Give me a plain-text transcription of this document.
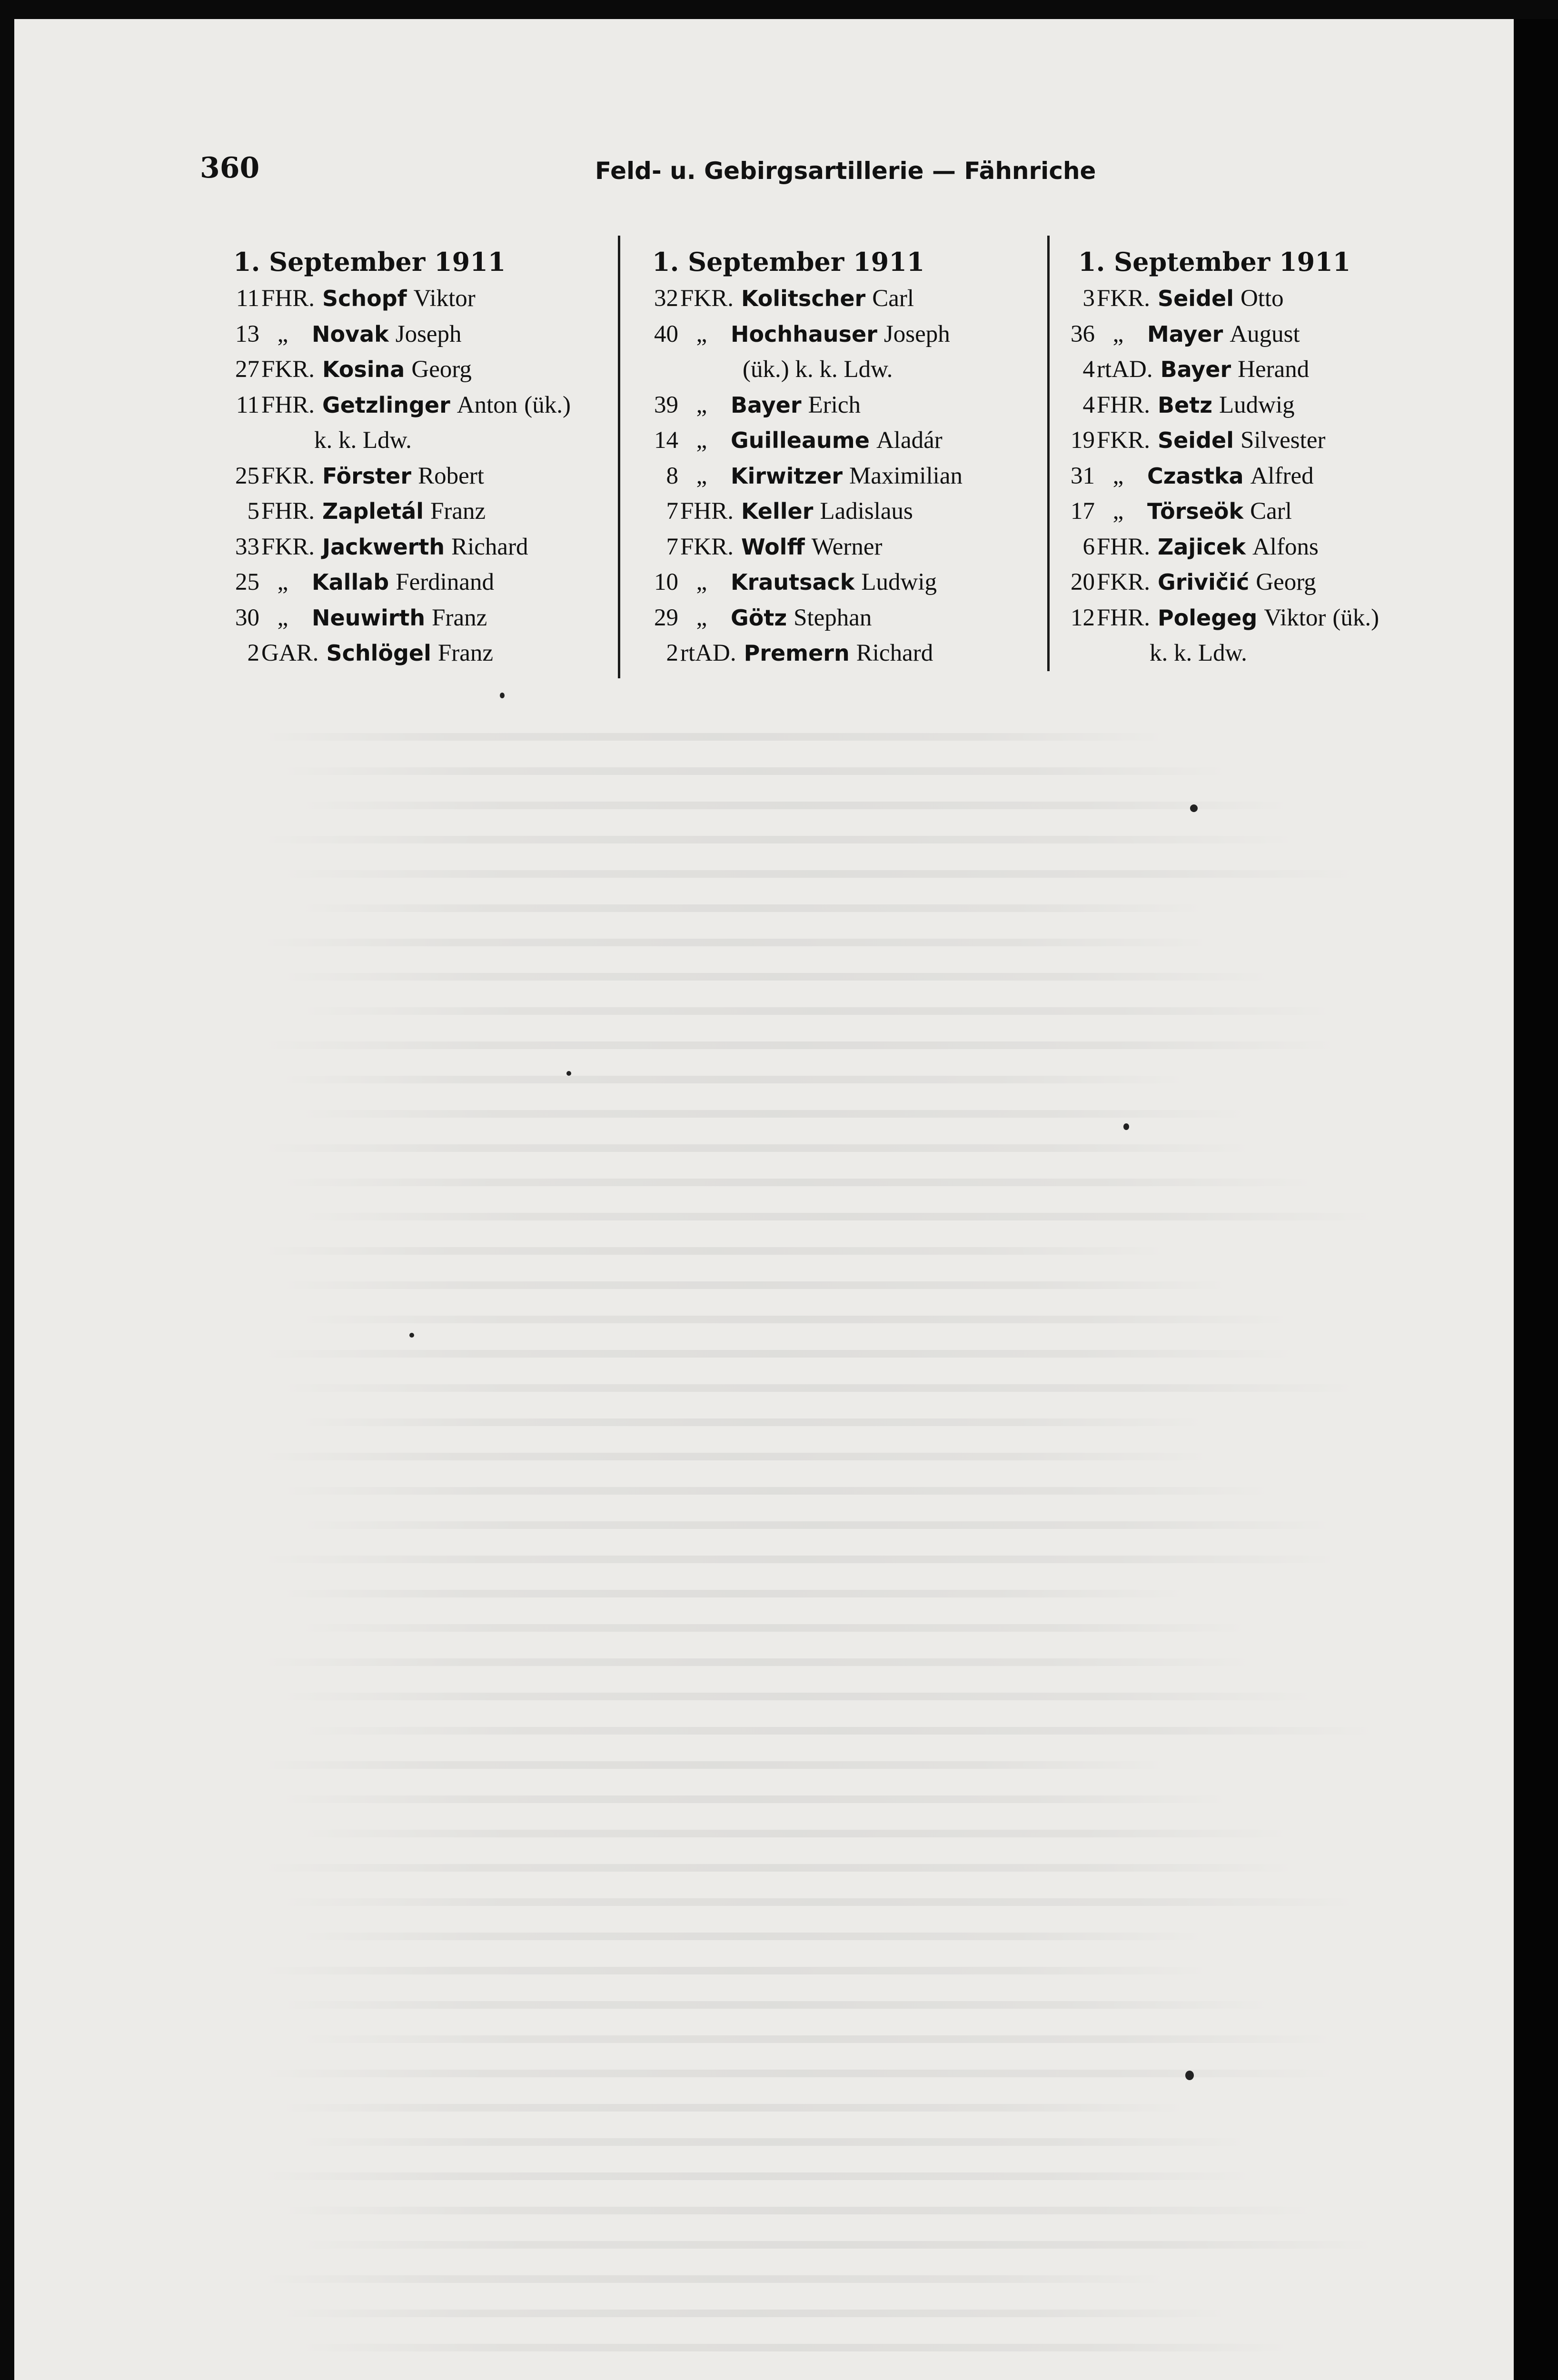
360	Feld- u. Gebirgsartillerie — Fähnriche
1. September 1911
11FHR. Schopf Viktor
13 „ Novak Joseph
27FKR. Kosina Georg
11FHR. Getzlinger Anton (ük.)
k. k. Ldw.
25FKR. Förster Robert
5FHR. Zapletál Franz
33FKR. Jackwerth Richard
25 „ Kallab Ferdinand
30 „ Neuwirth Franz
2GAR. Schlögel Franz
1. September 1911
32FKR. Kolitscher Carl
40 „ Hochhauser Joseph
(ük.) k. k. Ldw.
39 „ Bayer Erich
14 „ Guilleaume Aladár
8 „ Kirwitzer Maximilian
7FHR. Keller Ladislaus
7FKR. Wolff Werner
10 „ Krautsack Ludwig
29 „ Götz Stephan
2rtAD. Premern Richard
1. September 1911
3FKR. Seidel Otto
36 „ Mayer August
4rtAD. Bayer Herand
4FHR. Betz Ludwig
19FKR. Seidel Silvester
31 „ Czastka Alfred
17 „ Törseök Carl
6FHR. Zajicek Alfons
20FKR. Grivičić Georg
12FHR. Polegeg Viktor (ük.)
k. k. Ldw.
